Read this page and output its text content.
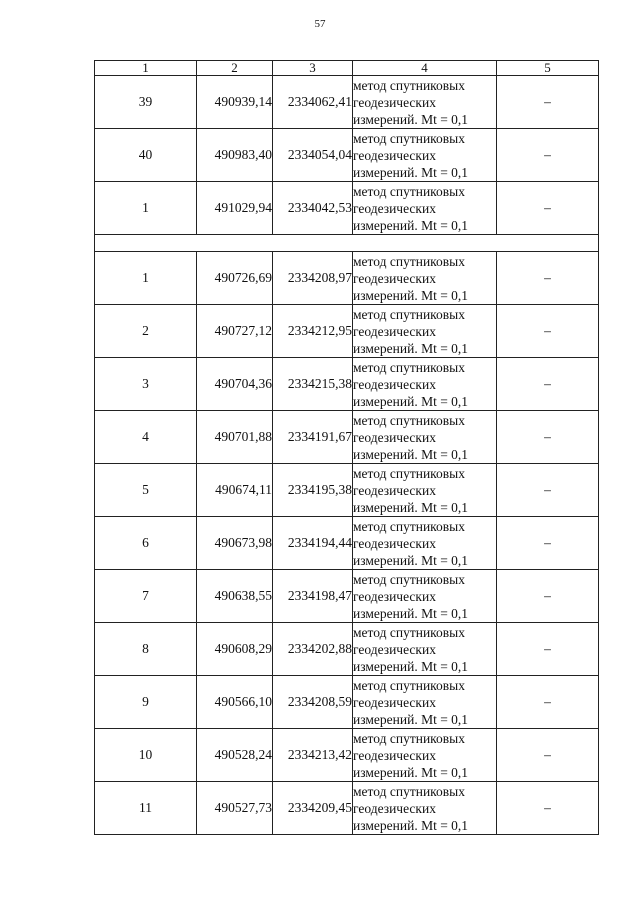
57
1	2	3	4	5
39	490939,14	2334062,41	метод спутниковых геодезических измерений. Mt = 0,1	–
40	490983,40	2334054,04	метод спутниковых геодезических измерений. Mt = 0,1	–
1	491029,94	2334042,53	метод спутниковых геодезических измерений. Mt = 0,1	–

1	490726,69	2334208,97	метод спутниковых геодезических измерений. Mt = 0,1	–
2	490727,12	2334212,95	метод спутниковых геодезических измерений. Mt = 0,1	–
3	490704,36	2334215,38	метод спутниковых геодезических измерений. Mt = 0,1	–
4	490701,88	2334191,67	метод спутниковых геодезических измерений. Mt = 0,1	–
5	490674,11	2334195,38	метод спутниковых геодезических измерений. Mt = 0,1	–
6	490673,98	2334194,44	метод спутниковых геодезических измерений. Mt = 0,1	–
7	490638,55	2334198,47	метод спутниковых геодезических измерений. Mt = 0,1	–
8	490608,29	2334202,88	метод спутниковых геодезических измерений. Mt = 0,1	–
9	490566,10	2334208,59	метод спутниковых геодезических измерений. Mt = 0,1	–
10	490528,24	2334213,42	метод спутниковых геодезических измерений. Mt = 0,1	–
11	490527,73	2334209,45	метод спутниковых геодезических измерений. Mt = 0,1	–
